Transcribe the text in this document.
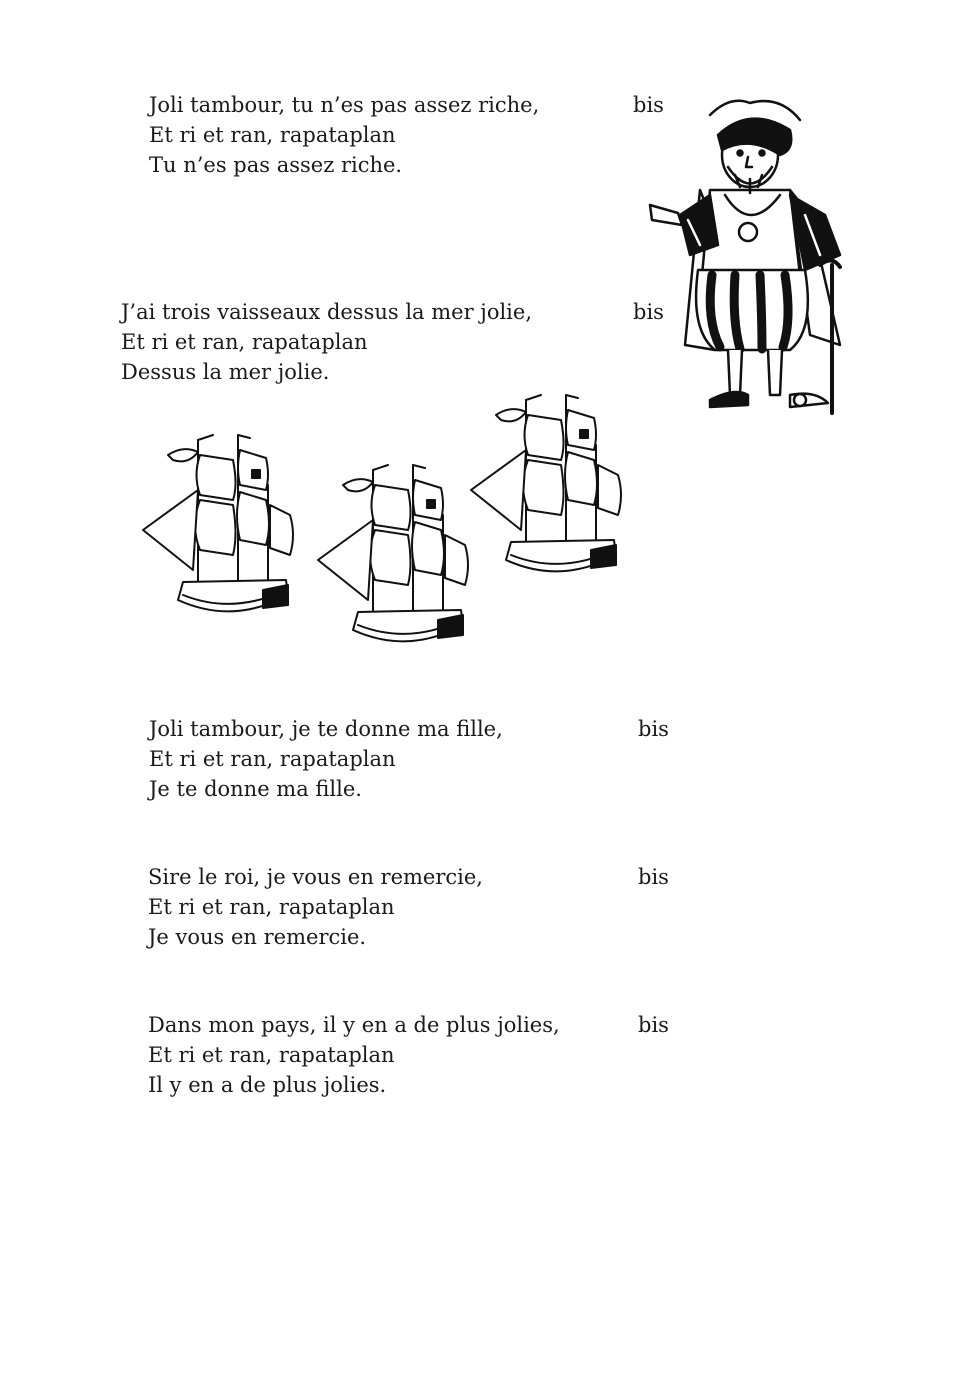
Joli tambour, tu n’es pas assez riche,
Et ri et ran, rapataplan
Tu n’es pas assez riche.
bis
J’ai trois vaisseaux dessus la mer jolie,
Et ri et ran, rapataplan
Dessus la mer jolie.
bis
Joli tambour, je te donne ma fille,
Et ri et ran, rapataplan
Je te donne ma fille.
bis
Sire le roi, je vous en remercie,
Et ri et ran, rapataplan
Je vous en remercie.
bis
Dans mon pays, il y en a de plus jolies,
Et ri et ran, rapataplan
Il y en a de plus jolies.
bis
